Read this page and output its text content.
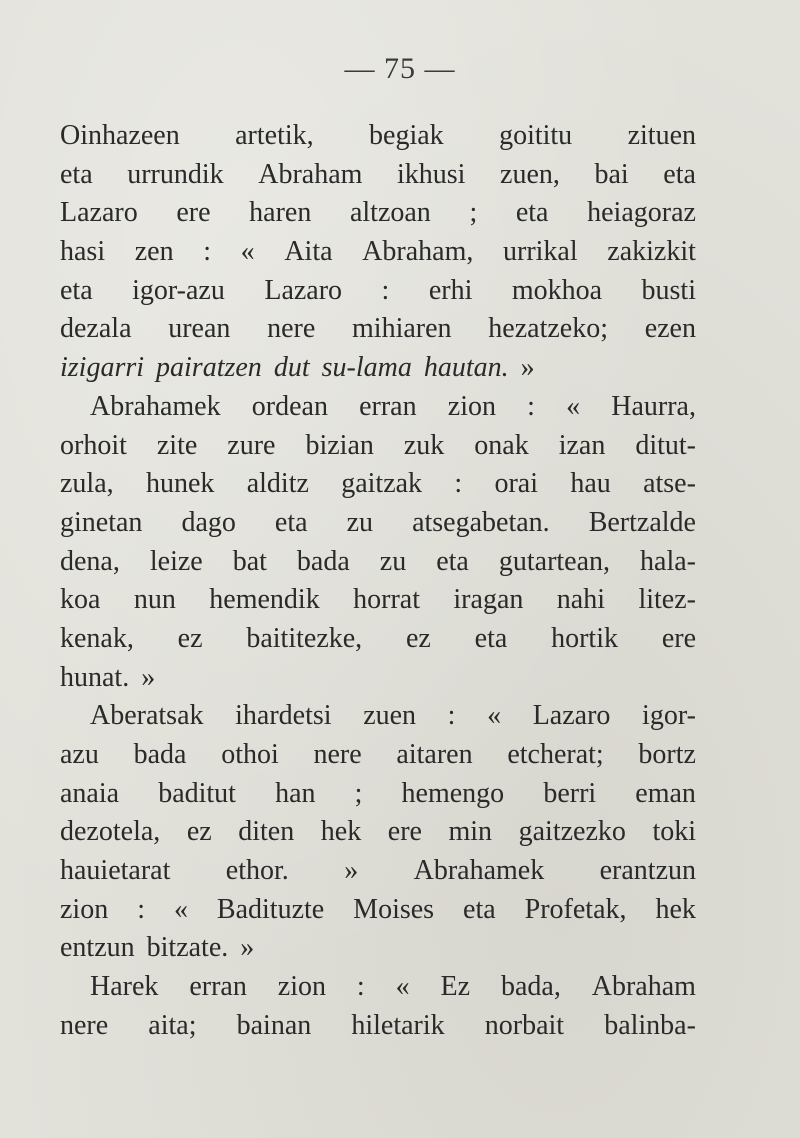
— 75 —
Oinhazeen artetik, begiak goititu zituen
eta urrundik Abraham ikhusi zuen, bai eta
Lazaro ere haren altzoan ; eta heiagoraz
hasi zen : « Aita Abraham, urrikal zakizkit
eta igor-azu Lazaro : erhi mokhoa busti
dezala urean nere mihiaren hezatzeko; ezen
izigarri pairatzen dut su-lama hautan. »
Abrahamek ordean erran zion : « Haurra,
orhoit zite zure bizian zuk onak izan ditut-
zula, hunek alditz gaitzak : orai hau atse-
ginetan dago eta zu atsegabetan. Bertzalde
dena, leize bat bada zu eta gutartean, hala-
koa nun hemendik horrat iragan nahi litez-
kenak, ez baititezke, ez eta hortik ere
hunat. »
Aberatsak ihardetsi zuen : « Lazaro igor-
azu bada othoi nere aitaren etcherat; bortz
anaia baditut han ; hemengo berri eman
dezotela, ez diten hek ere min gaitzezko toki
hauietarat ethor. » Abrahamek erantzun
zion : « Badituzte Moises eta Profetak, hek
entzun bitzate. »
Harek erran zion : « Ez bada, Abraham
nere aita; bainan hiletarik norbait balinba-
